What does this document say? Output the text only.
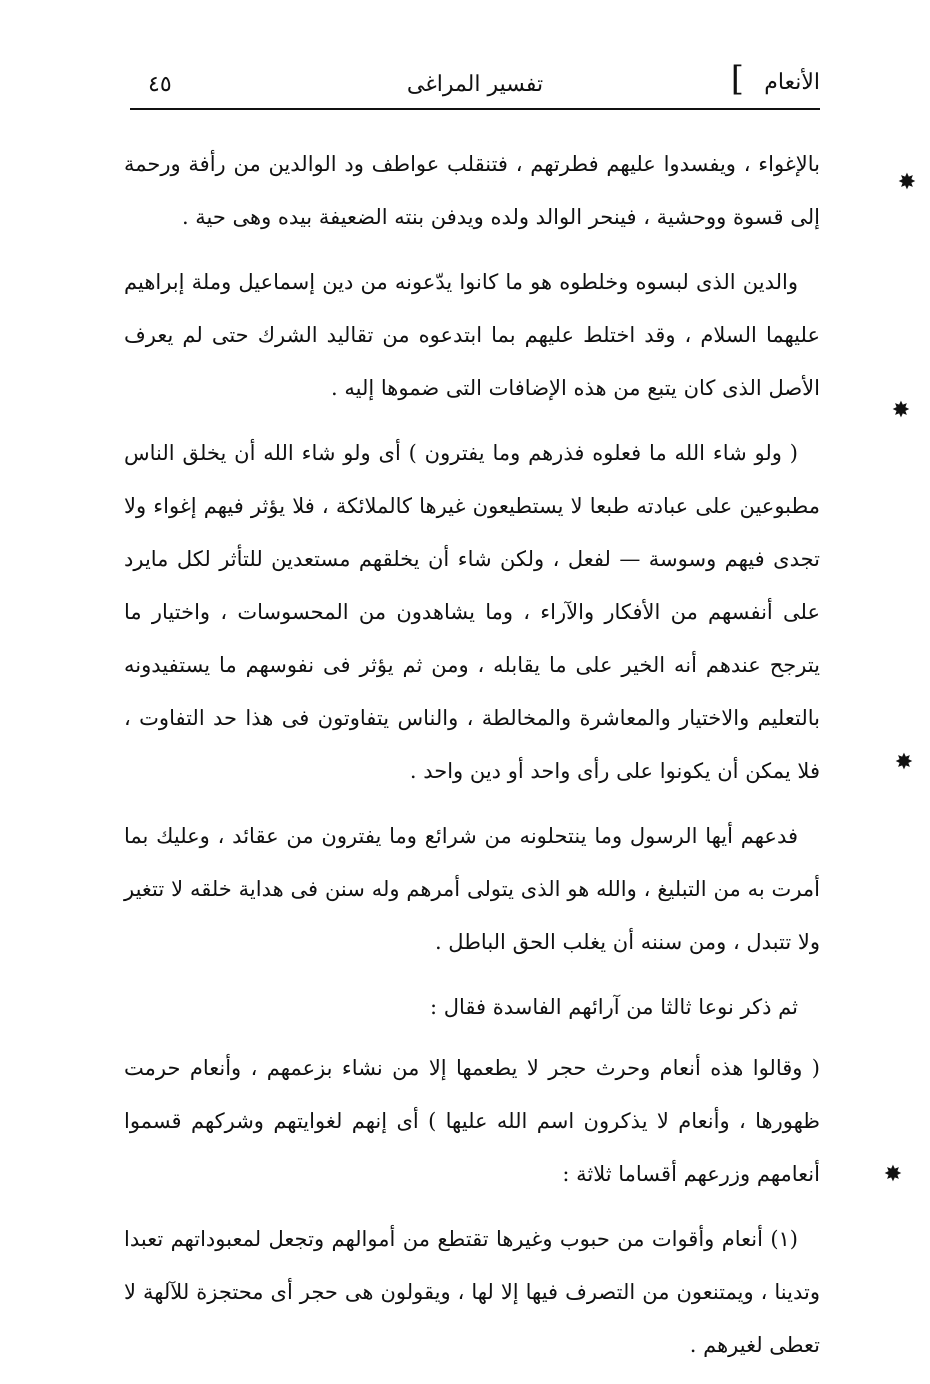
الأنعام
]
تفسير المراغى
٤٥

بالإغواء ، ويفسدوا عليهم فطرتهم ، فتنقلب عواطف ود الوالدين من رأفة ورحمة إلى قسوة ووحشية ، فينحر الوالد ولده ويدفن بنته الضعيفة بيده وهى حية .

والدين الذى لبسوه وخلطوه هو ما كانوا يدّعونه من دين إسماعيل وملة إبراهيم عليهما السلام ، وقد اختلط عليهم بما ابتدعوه من تقاليد الشرك حتى لم يعرف الأصل الذى كان يتبع من هذه الإضافات التى ضموها إليه .

( ولو شاء الله ما فعلوه فذرهم وما يفترون ) أى ولو شاء الله أن يخلق الناس مطبوعين على عبادته طبعا لا يستطيعون غيرها كالملائكة ، فلا يؤثر فيهم إغواء ولا تجدى فيهم وسوسة — لفعل ، ولكن شاء أن يخلقهم مستعدين للتأثر لكل مايرد على أنفسهم من الأفكار والآراء ، وما يشاهدون من المحسوسات ، واختيار ما يترجح عندهم أنه الخير على ما يقابله ، ومن ثم يؤثر فى نفوسهم ما يستفيدونه بالتعليم والاختيار والمعاشرة والمخالطة ، والناس يتفاوتون فى هذا حد التفاوت ، فلا يمكن أن يكونوا على رأى واحد أو دين واحد .

فدعهم أيها الرسول وما ينتحلونه من شرائع وما يفترون من عقائد ، وعليك بما أمرت به من التبليغ ، والله هو الذى يتولى أمرهم وله سنن فى هداية خلقه لا تتغير ولا تتبدل ، ومن سننه أن يغلب الحق الباطل .

ثم ذكر نوعا ثالثا من آرائهم الفاسدة فقال :

( وقالوا هذه أنعام وحرث حجر لا يطعمها إلا من نشاء بزعمهم ، وأنعام حرمت ظهورها ، وأنعام لا يذكرون اسم الله عليها ) أى إنهم لغوايتهم وشركهم قسموا أنعامهم وزرعهم أقساما ثلاثة :

(١) أنعام وأقوات من حبوب وغيرها تقتطع من أموالهم وتجعل لمعبوداتهم تعبدا وتدينا ، ويمتنعون من التصرف فيها إلا لها ، ويقولون هى حجر أى محتجزة للآلهة لا تعطى لغيرهم .

✸
✸
✸
✸
